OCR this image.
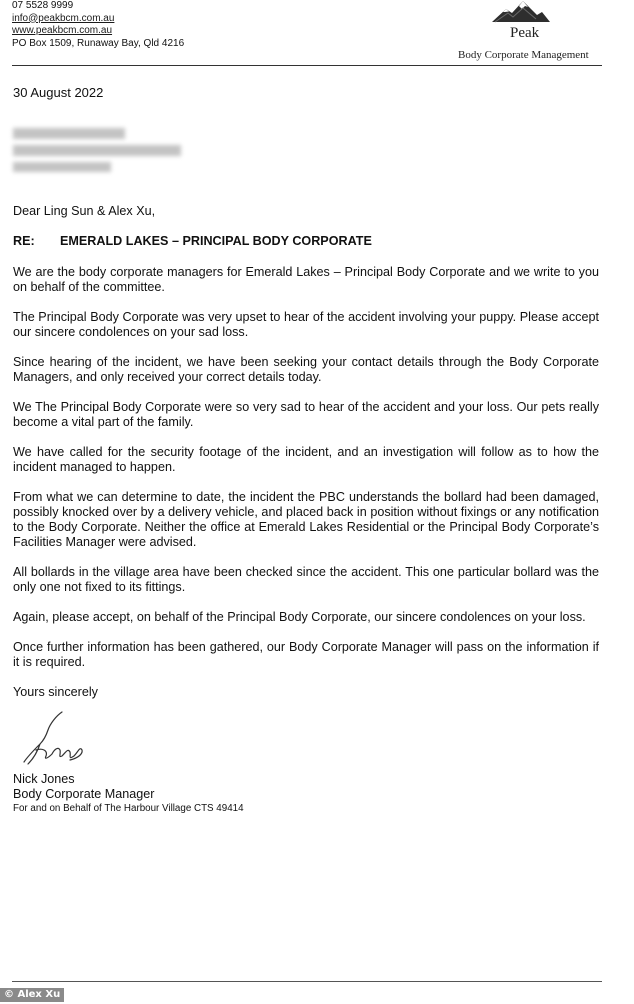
07 5528 9999
info@peakbcm.com.au
www.peakbcm.com.au
PO Box 1509, Runaway Bay, Qld 4216
Peak
Body Corporate Management
30 August 2022

Dear Ling Sun & Alex Xu,

RE: EMERALD LAKES – PRINCIPAL BODY CORPORATE

We are the body corporate managers for Emerald Lakes – Principal Body Corporate and we write to you on behalf of the committee.

The Principal Body Corporate was very upset to hear of the accident involving your puppy. Please accept our sincere condolences on your sad loss.

Since hearing of the incident, we have been seeking your contact details through the Body Corporate Managers, and only received your correct details today.

We The Principal Body Corporate were so very sad to hear of the accident and your loss. Our pets really become a vital part of the family.

We have called for the security footage of the incident, and an investigation will follow as to how the incident managed to happen.

From what we can determine to date, the incident the PBC understands the bollard had been damaged, possibly knocked over by a delivery vehicle, and placed back in position without fixings or any notification to the Body Corporate. Neither the office at Emerald Lakes Residential or the Principal Body Corporate’s Facilities Manager were advised.

All bollards in the village area have been checked since the accident. This one particular bollard was the only one not fixed to its fittings.

Again, please accept, on behalf of the Principal Body Corporate, our sincere condolences on your loss.

Once further information has been gathered, our Body Corporate Manager will pass on the information if it is required.

Yours sincerely

Nick Jones
Body Corporate Manager
For and on Behalf of The Harbour Village CTS 49414
© Alex Xu
